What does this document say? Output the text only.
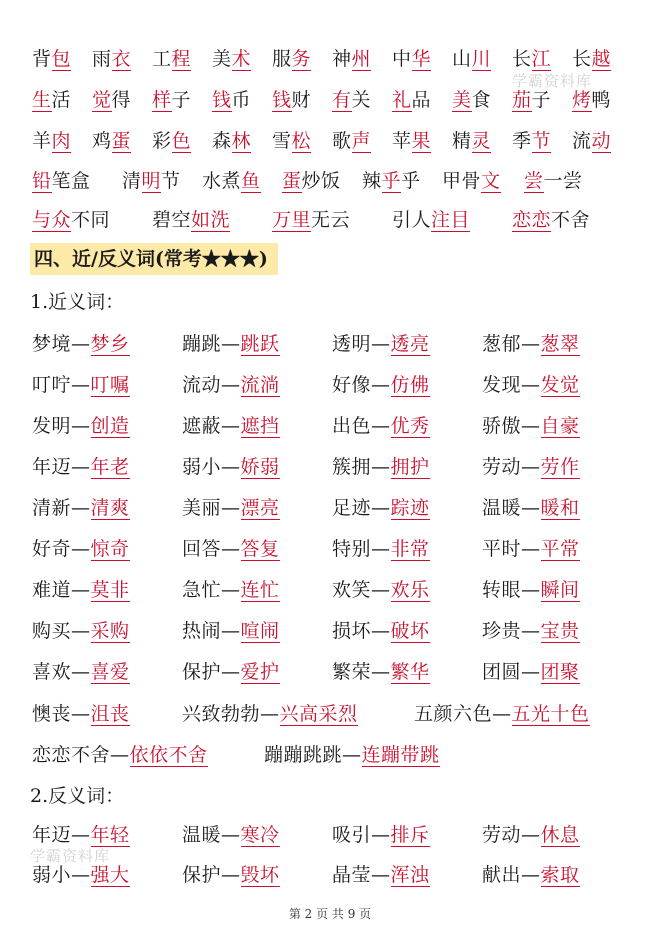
背包 雨衣 工程 美术 服务 神州 中华 山川 长江 长越
生活 觉得 样子 钱币 钱财 有关 礼品 美食 茄子 烤鸭
羊肉 鸡蛋 彩色 森林 雪松 歌声 苹果 精灵 季节 流动
铅笔盒 清明节 水煮鱼 蛋炒饭 辣乎乎 甲骨文 尝一尝
与众不同 碧空如洗 万里无云 引人注目 恋恋不舍
四、近/反义词(常考★★★)
1.近义词：
梦境—梦乡	蹦跳—跳跃	透明—透亮	葱郁—葱翠
叮咛—叮嘱	流动—流淌	好像—仿佛	发现—发觉
发明—创造	遮蔽—遮挡	出色—优秀	骄傲—自豪
年迈—年老	弱小—娇弱	簇拥—拥护	劳动—劳作
清新—清爽	美丽—漂亮	足迹—踪迹	温暖—暖和
好奇—惊奇	回答—答复	特别—非常	平时—平常
难道—莫非	急忙—连忙	欢笑—欢乐	转眼—瞬间
购买—采购	热闹—喧闹	损坏—破坏	珍贵—宝贵
喜欢—喜爱	保护—爱护	繁荣—繁华	团圆—团聚
懊丧—沮丧	兴致勃勃—兴高采烈	五颜六色—五光十色
恋恋不舍—依依不舍	蹦蹦跳跳—连蹦带跳
2.反义词：
年迈—年轻	温暖—寒冷	吸引—排斥	劳动—休息
弱小—强大	保护—毁坏	晶莹—浑浊	献出—索取
学霸资料库
学霸资料库
第 2 页 共 9 页
